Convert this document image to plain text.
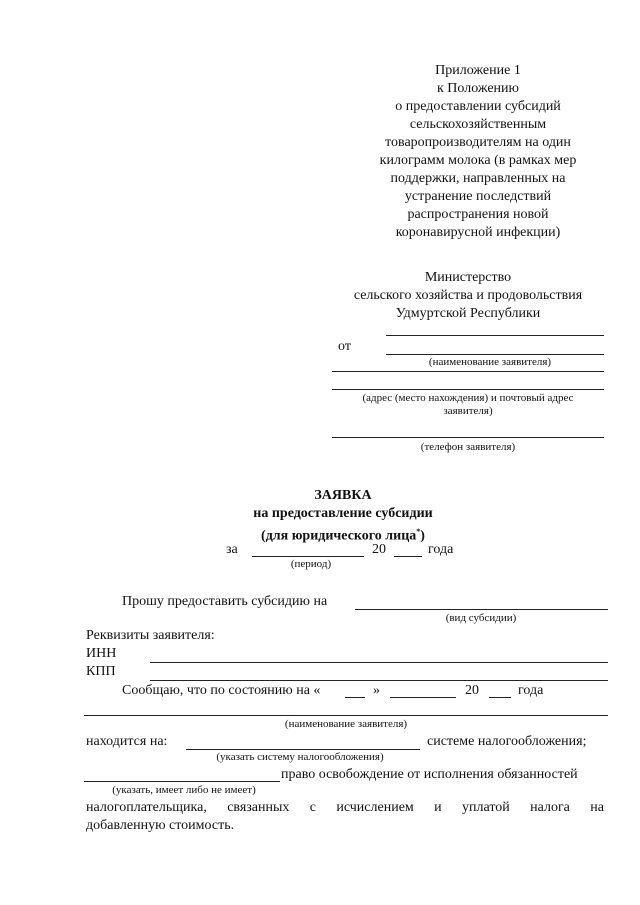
Приложение 1
к Положению
о предоставлении субсидий
сельскохозяйственным
товаропроизводителям на один
килограмм молока (в рамках мер
поддержки, направленных на
устранение последствий
распространения новой
коронавирусной инфекции)
Министерство
сельского хозяйства и продовольствия
Удмуртской Республики
от
(наименование заявителя)
(адрес (место нахождения) и почтовый адрес
заявителя)
(телефон заявителя)
ЗАЯВКА
на предоставление субсидии
(для юридического лица*)
за	20	года
(период)
Прошу предоставить субсидию на
(вид субсидии)
Реквизиты заявителя:
ИНН
КПП
Сообщаю, что по состоянию на «	»	20	года
(наименование заявителя)
находится на:	системе налогообложения;
(указать систему налогообложения)
право освобождение от исполнения обязанностей
(указать, имеет либо не имеет)
налогоплательщика, связанных с исчислением и уплатой налога на
добавленную стоимость.
